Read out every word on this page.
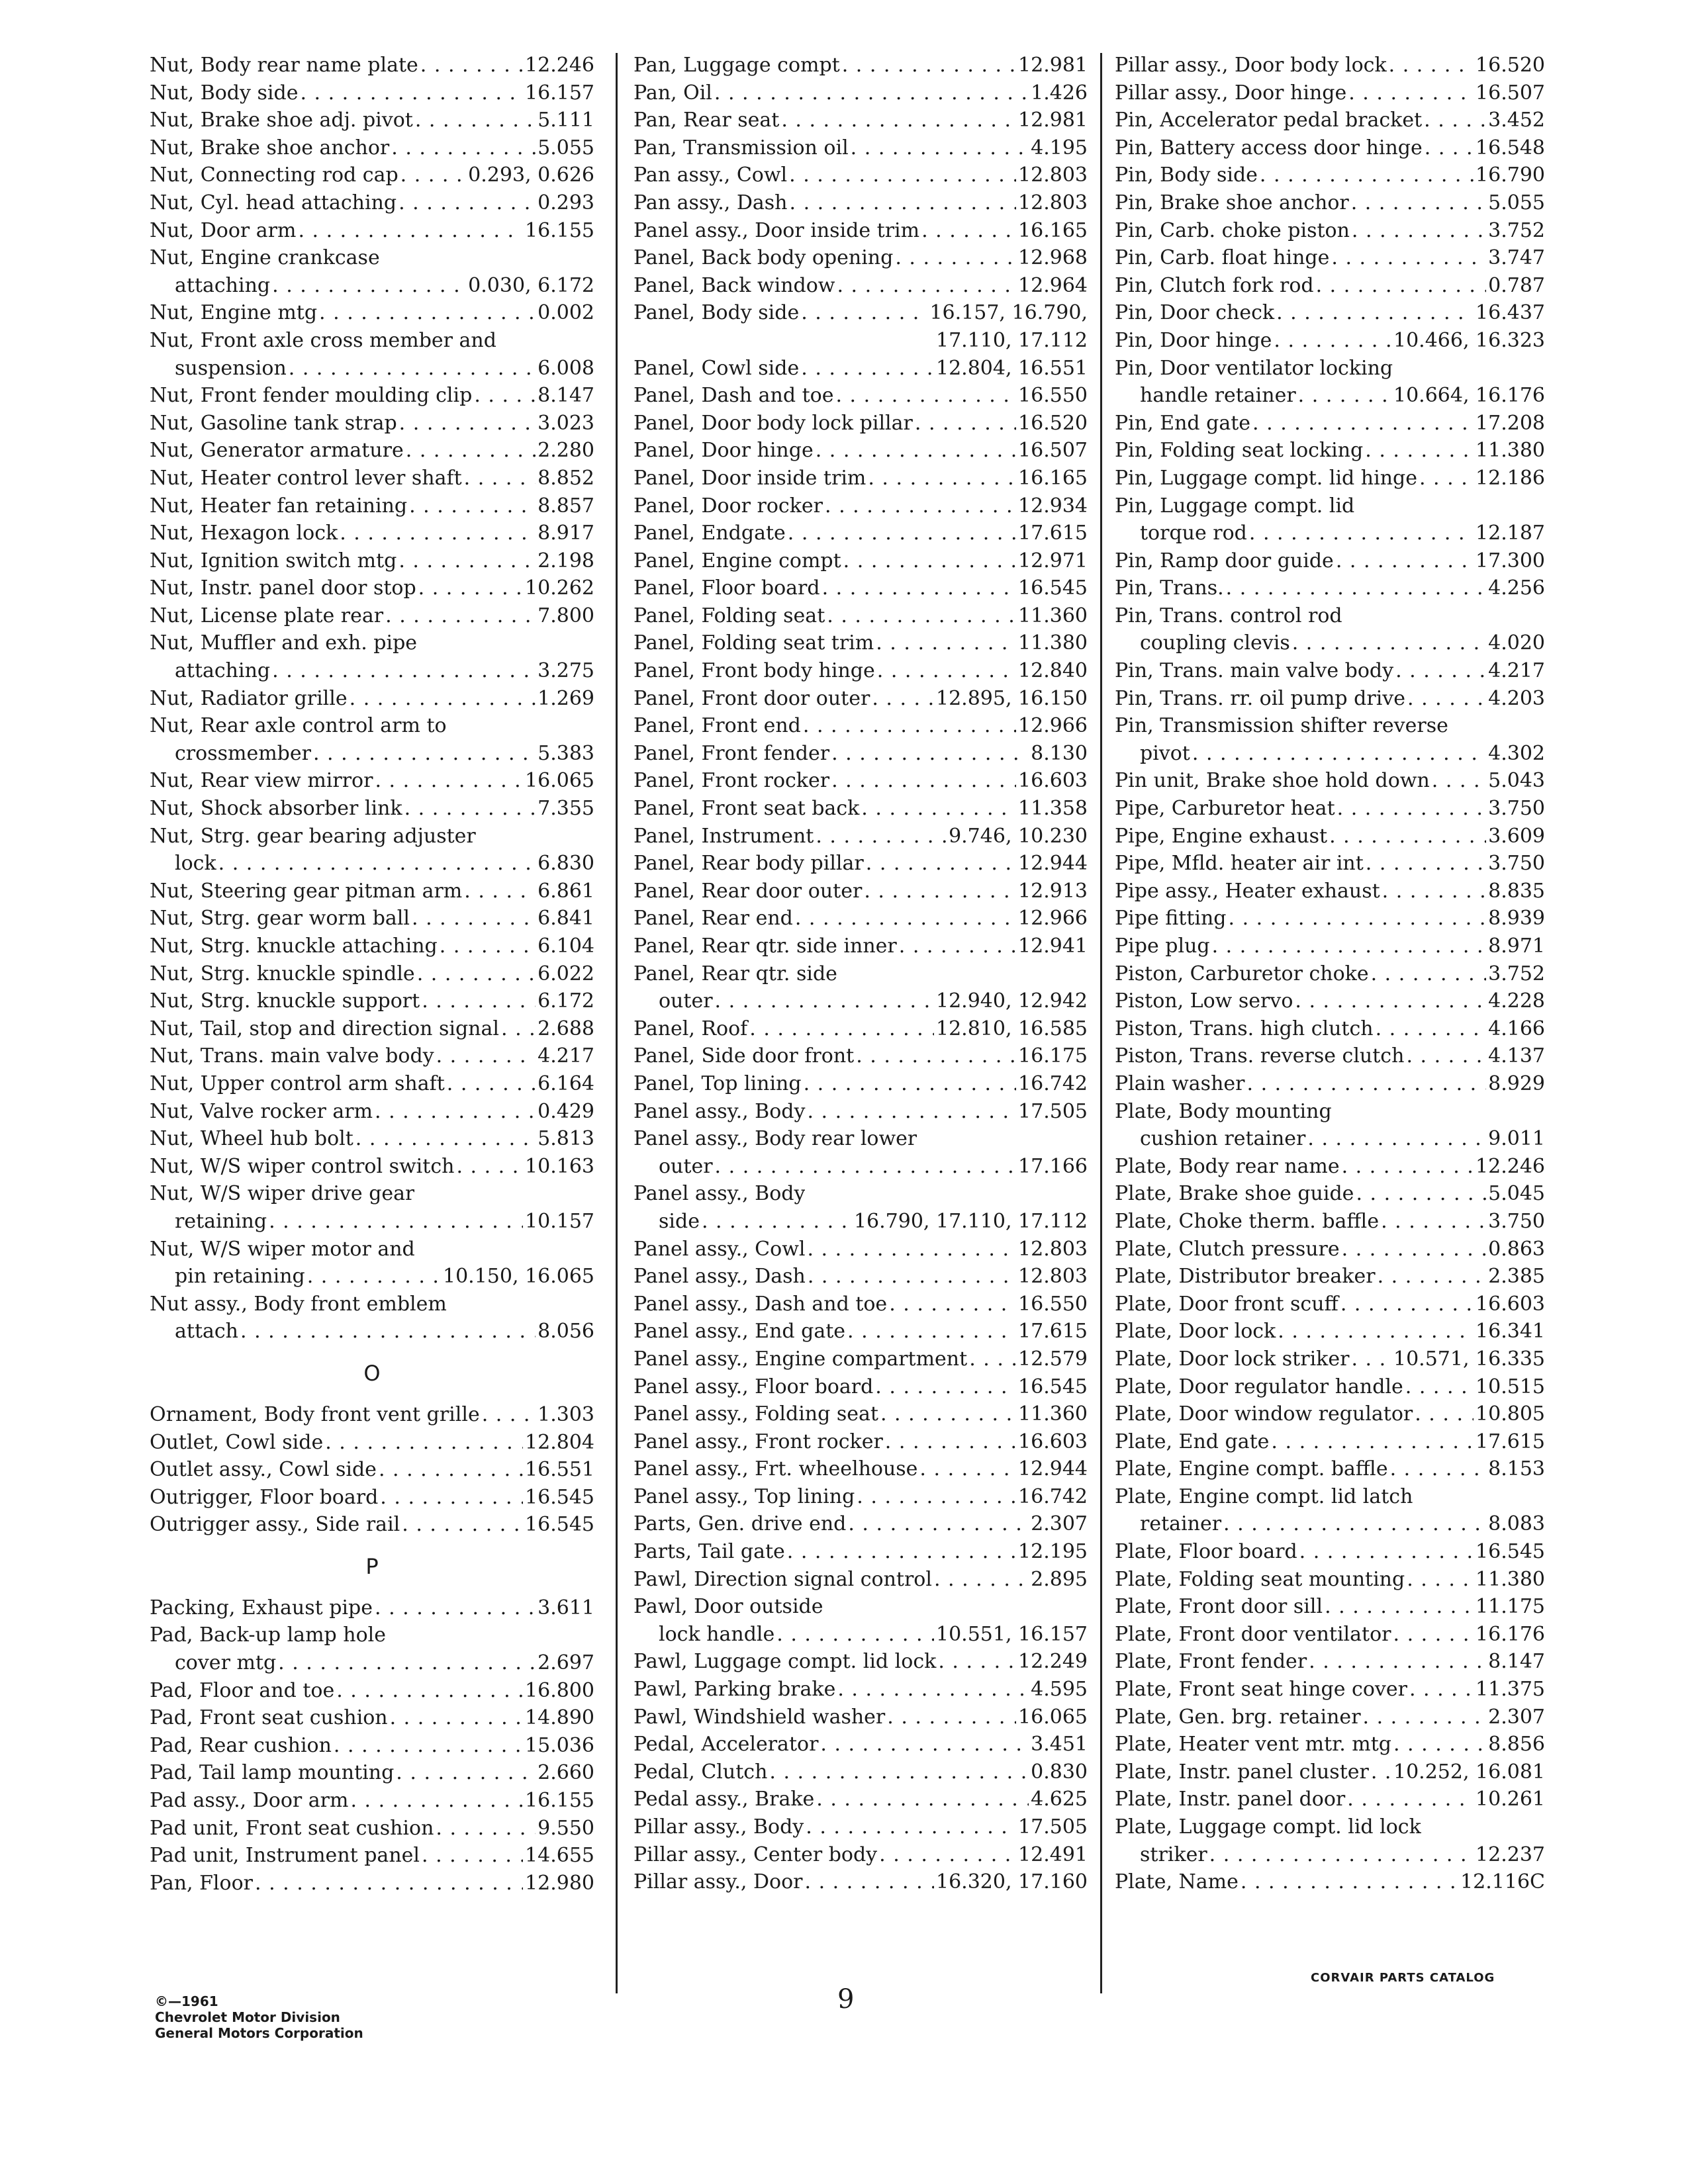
Nut, Body rear name plate . . .	12.246
Nut, Body side . . .	16.157
Nut, Brake shoe adj. pivot . . .	5.111
Nut, Brake shoe anchor . . .	5.055
Nut, Connecting rod cap . . .	0.293, 0.626
Nut, Cyl. head attaching . . .	0.293
Nut, Door arm . . .	16.155
Nut, Engine crankcase
attaching . . .	0.030, 6.172
Nut, Engine mtg . . .	0.002
Nut, Front axle cross member and
suspension . . .	6.008
Nut, Front fender moulding clip . . .	8.147
Nut, Gasoline tank strap . . .	3.023
Nut, Generator armature . . .	2.280
Nut, Heater control lever shaft . . .	8.852
Nut, Heater fan retaining . . .	8.857
Nut, Hexagon lock . . .	8.917
Nut, Ignition switch mtg . . .	2.198
Nut, Instr. panel door stop . . .	10.262
Nut, License plate rear . . .	7.800
Nut, Muffler and exh. pipe
attaching . . .	3.275
Nut, Radiator grille . . .	1.269
Nut, Rear axle control arm to
crossmember . . .	5.383
Nut, Rear view mirror . . .	16.065
Nut, Shock absorber link . . .	7.355
Nut, Strg. gear bearing adjuster
lock . . .	6.830
Nut, Steering gear pitman arm . . .	6.861
Nut, Strg. gear worm ball . . .	6.841
Nut, Strg. knuckle attaching . . .	6.104
Nut, Strg. knuckle spindle . . .	6.022
Nut, Strg. knuckle support . . .	6.172
Nut, Tail, stop and direction signal . . . 2.688
Nut, Trans. main valve body . . .	4.217
Nut, Upper control arm shaft . . .	6.164
Nut, Valve rocker arm . . .	0.429
Nut, Wheel hub bolt . . .	5.813
Nut, W/S wiper control switch . . .	10.163
Nut, W/S wiper drive gear
retaining . . .	10.157
Nut, W/S wiper motor and
pin retaining . . .	10.150, 16.065
Nut assy., Body front emblem
attach . . .	8.056
O
Ornament, Body front vent grille . . .	1.303
Outlet, Cowl side . . .	12.804
Outlet assy., Cowl side . . .	16.551
Outrigger, Floor board . . .	16.545
Outrigger assy., Side rail . . .	16.545
P
Packing, Exhaust pipe . . .	3.611
Pad, Back-up lamp hole
cover mtg . . .	2.697
Pad, Floor and toe . . .	16.800
Pad, Front seat cushion . . .	14.890
Pad, Rear cushion . . .	15.036
Pad, Tail lamp mounting . . .	2.660
Pad assy., Door arm . . .	16.155
Pad unit, Front seat cushion . . .	9.550
Pad unit, Instrument panel . . .	14.655
Pan, Floor . . .	12.980
Pan, Luggage compt . . .	12.981
Pan, Oil . . .	1.426
Pan, Rear seat . . .	12.981
Pan, Transmission oil . . .	4.195
Pan assy., Cowl . . .	12.803
Pan assy., Dash . . .	12.803
Panel assy., Door inside trim . . .	16.165
Panel, Back body opening . . .	12.968
Panel, Back window . . .	12.964
Panel, Body side . . .	16.157, 16.790,
17.110, 17.112
Panel, Cowl side . . .	12.804, 16.551
Panel, Dash and toe . . .	16.550
Panel, Door body lock pillar . . .	16.520
Panel, Door hinge . . .	16.507
Panel, Door inside trim . . .	16.165
Panel, Door rocker . . .	12.934
Panel, Endgate . . .	17.615
Panel, Engine compt . . .	12.971
Panel, Floor board . . .	16.545
Panel, Folding seat . . .	11.360
Panel, Folding seat trim . . .	11.380
Panel, Front body hinge . . .	12.840
Panel, Front door outer . . .	12.895, 16.150
Panel, Front end . . .	12.966
Panel, Front fender . . .	8.130
Panel, Front rocker . . .	16.603
Panel, Front seat back . . .	11.358
Panel, Instrument . . .	9.746, 10.230
Panel, Rear body pillar . . .	12.944
Panel, Rear door outer . . .	12.913
Panel, Rear end . . .	12.966
Panel, Rear qtr. side inner . . .	12.941
Panel, Rear qtr. side
outer . . .	12.940, 12.942
Panel, Roof . . .	12.810, 16.585
Panel, Side door front . . .	16.175
Panel, Top lining . . .	16.742
Panel assy., Body . . .	17.505
Panel assy., Body rear lower
outer . . .	17.166
Panel assy., Body
side . . .	16.790, 17.110, 17.112
Panel assy., Cowl . . .	12.803
Panel assy., Dash . . .	12.803
Panel assy., Dash and toe . . .	16.550
Panel assy., End gate . . .	17.615
Panel assy., Engine compartment . . .	12.579
Panel assy., Floor board . . .	16.545
Panel assy., Folding seat . . .	11.360
Panel assy., Front rocker . . .	16.603
Panel assy., Frt. wheelhouse . . .	12.944
Panel assy., Top lining . . .	16.742
Parts, Gen. drive end . . .	2.307
Parts, Tail gate . . .	12.195
Pawl, Direction signal control . . .	2.895
Pawl, Door outside
lock handle . . .	10.551, 16.157
Pawl, Luggage compt. lid lock . . .	12.249
Pawl, Parking brake . . .	4.595
Pawl, Windshield washer . . .	16.065
Pedal, Accelerator . . .	3.451
Pedal, Clutch . . .	0.830
Pedal assy., Brake . . .	4.625
Pillar assy., Body . . .	17.505
Pillar assy., Center body . . .	12.491
Pillar assy., Door . . .	16.320, 17.160
Pillar assy., Door body lock . . .	16.520
Pillar assy., Door hinge . . .	16.507
Pin, Accelerator pedal bracket . . .	3.452
Pin, Battery access door hinge . . .	16.548
Pin, Body side . . .	16.790
Pin, Brake shoe anchor . . .	5.055
Pin, Carb. choke piston . . .	3.752
Pin, Carb. float hinge . . .	3.747
Pin, Clutch fork rod . . .	0.787
Pin, Door check . . .	16.437
Pin, Door hinge . . .	10.466, 16.323
Pin, Door ventilator locking
handle retainer . . .	10.664, 16.176
Pin, End gate . . .	17.208
Pin, Folding seat locking . . .	11.380
Pin, Luggage compt. lid hinge . . .	12.186
Pin, Luggage compt. lid
torque rod . . .	12.187
Pin, Ramp door guide . . .	17.300
Pin, Trans. . . .	4.256
Pin, Trans. control rod
coupling clevis . . .	4.020
Pin, Trans. main valve body . . .	4.217
Pin, Trans. rr. oil pump drive . . .	4.203
Pin, Transmission shifter reverse
pivot . . .	4.302
Pin unit, Brake shoe hold down . . .	5.043
Pipe, Carburetor heat . . .	3.750
Pipe, Engine exhaust . . .	3.609
Pipe, Mfld. heater air int . . .	3.750
Pipe assy., Heater exhaust . . .	8.835
Pipe fitting . . .	8.939
Pipe plug . . .	8.971
Piston, Carburetor choke . . .	3.752
Piston, Low servo . . .	4.228
Piston, Trans. high clutch . . .	4.166
Piston, Trans. reverse clutch . . .	4.137
Plain washer . . .	8.929
Plate, Body mounting
cushion retainer . . .	9.011
Plate, Body rear name . . .	12.246
Plate, Brake shoe guide . . .	5.045
Plate, Choke therm. baffle . . .	3.750
Plate, Clutch pressure . . .	0.863
Plate, Distributor breaker . . .	2.385
Plate, Door front scuff . . .	16.603
Plate, Door lock . . .	16.341
Plate, Door lock striker . . . 10.571, 16.335
Plate, Door regulator handle . . .	10.515
Plate, Door window regulator . . .	10.805
Plate, End gate . . .	17.615
Plate, Engine compt. baffle . . .	8.153
Plate, Engine compt. lid latch
retainer . . .	8.083
Plate, Floor board . . .	16.545
Plate, Folding seat mounting . . .	11.380
Plate, Front door sill . . .	11.175
Plate, Front door ventilator . . .	16.176
Plate, Front fender . . .	8.147
Plate, Front seat hinge cover . . .	11.375
Plate, Gen. brg. retainer . . .	2.307
Plate, Heater vent mtr. mtg . . .	8.856
Plate, Instr. panel cluster . . . 10.252, 16.081
Plate, Instr. panel door . . .	10.261
Plate, Luggage compt. lid lock
striker . . .	12.237
Plate, Name . . .	12.116C
©—1961
Chevrolet Motor Division
General Motors Corporation
9
CORVAIR PARTS CATALOG
